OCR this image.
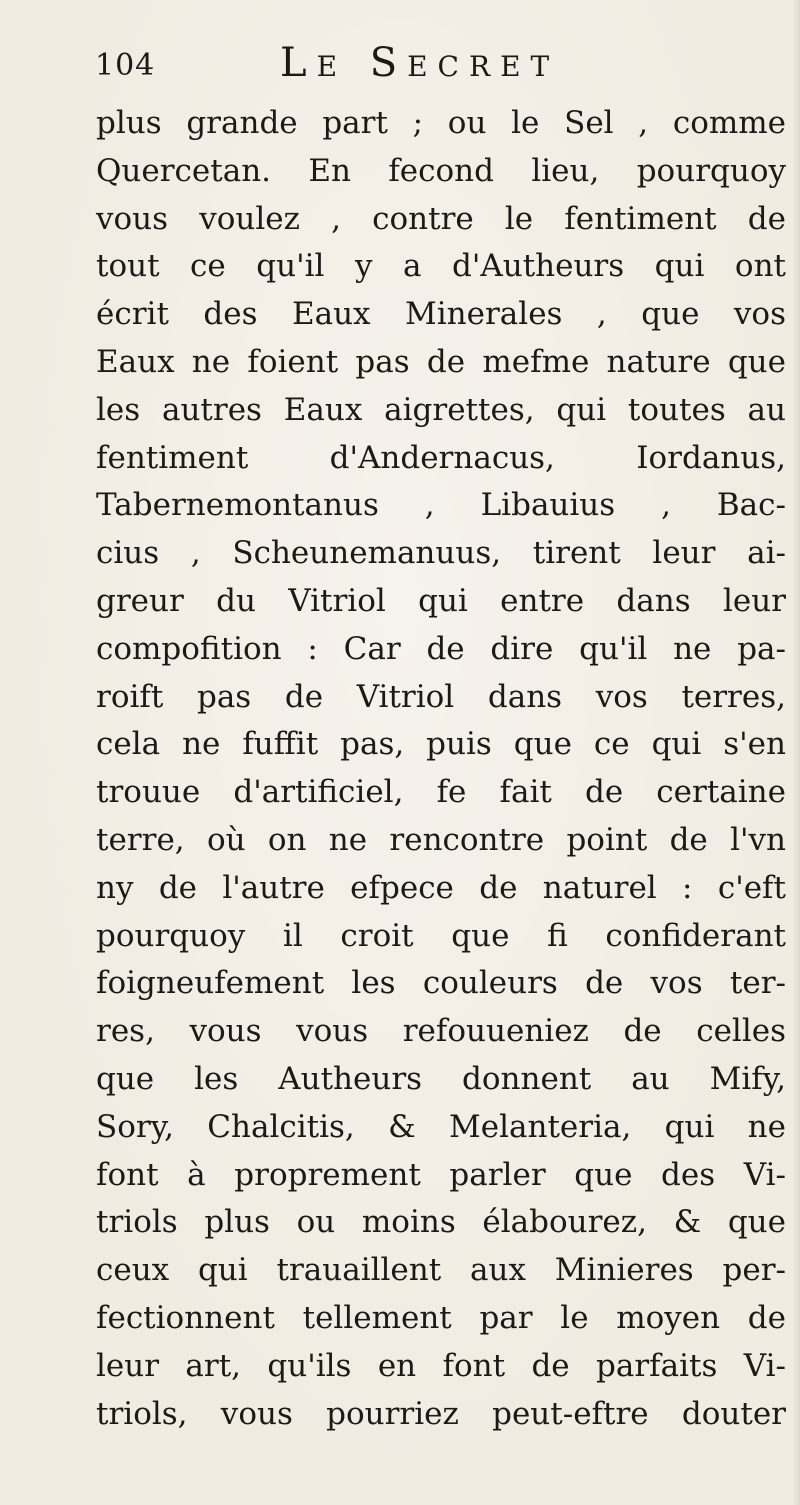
104	Le Secret
plus grande part ; ou le Sel , comme
Quercetan. En fecond lieu, pourquoy
vous voulez , contre le fentiment de
tout ce qu'il y a d'Autheurs qui ont
écrit des Eaux Minerales , que vos
Eaux ne foient pas de mefme nature que
les autres Eaux aigrettes, qui toutes au
fentiment d'Andernacus, Iordanus,
Tabernemontanus , Libauius , Bac-
cius , Scheunemanuus, tirent leur ai-
greur du Vitriol qui entre dans leur
compofition : Car de dire qu'il ne pa-
roift pas de Vitriol dans vos terres,
cela ne fuffit pas, puis que ce qui s'en
trouue d'artificiel, fe fait de certaine
terre, où on ne rencontre point de l'vn
ny de l'autre efpece de naturel : c'eft
pourquoy il croit que fi confiderant
foigneufement les couleurs de vos ter-
res, vous vous refouueniez de celles
que les Autheurs donnent au Mify,
Sory, Chalcitis, & Melanteria, qui ne
font à proprement parler que des Vi-
triols plus ou moins élabourez, & que
ceux qui trauaillent aux Minieres per-
fectionnent tellement par le moyen de
leur art, qu'ils en font de parfaits Vi-
triols, vous pourriez peut-eftre douter
